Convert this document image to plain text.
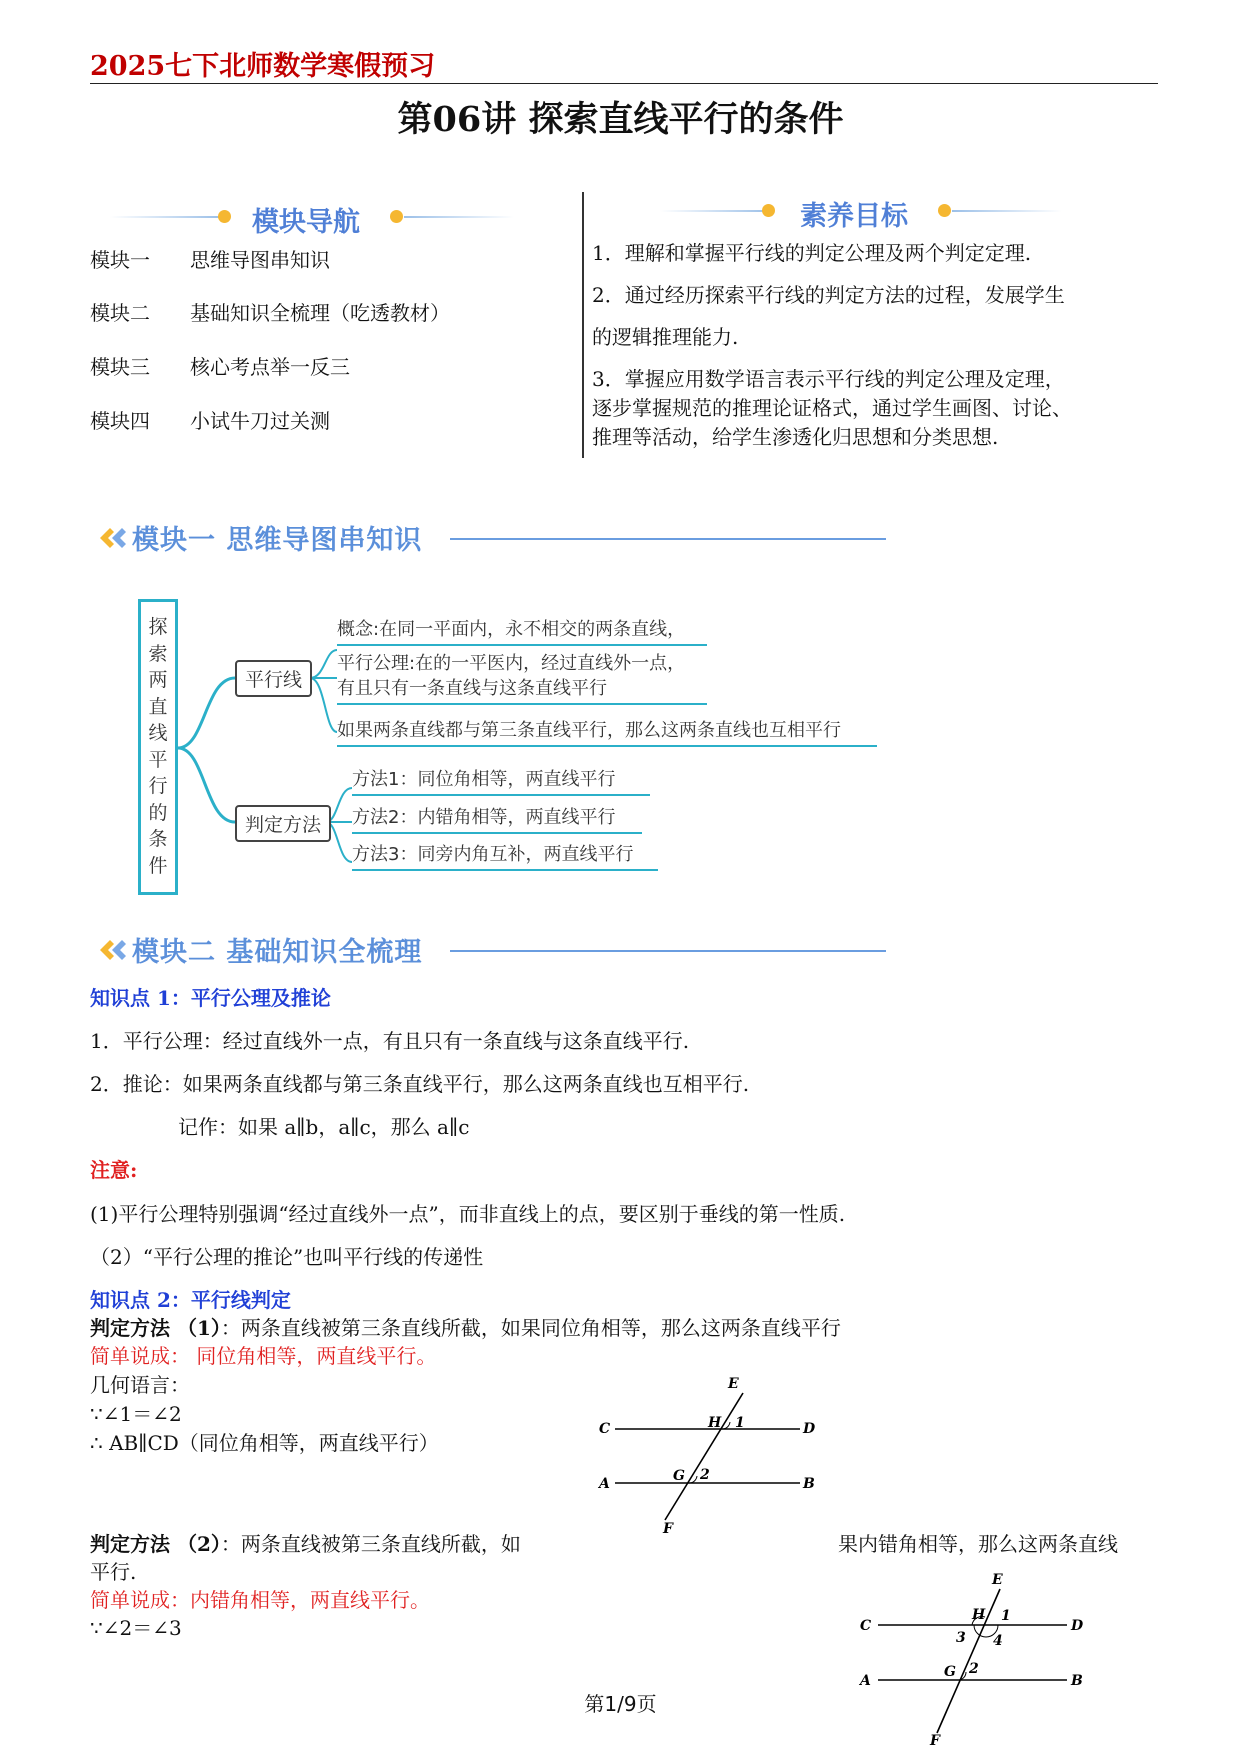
2025七下北师数学寒假预习
第06讲 探索直线平行的条件
模块导航
模块一 思维导图串知识
模块二 基础知识全梳理（吃透教材）
模块三 核心考点举一反三
模块四 小试牛刀过关测
素养目标
1．理解和掌握平行线的判定公理及两个判定定理.
2．通过经历探索平行线的判定方法的过程，发展学生
的逻辑推理能力.
3．掌握应用数学语言表示平行线的判定公理及定理，
逐步掌握规范的推理论证格式，通过学生画图、讨论、
推理等活动，给学生渗透化归思想和分类思想.
模块一 思维导图串知识
探
索
两
直
线
平
行
的
条
件
平行线
判定方法
概念:在同一平面内，永不相交的两条直线，
平行公理:在的一平医内，经过直线外一点，
有且只有一条直线与这条直线平行
如果两条直线都与第三条直线平行，那么这两条直线也互相平行
方法1：同位角相等，两直线平行
方法2：内错角相等，两直线平行
方法3：同旁内角互补，两直线平行
模块二 基础知识全梳理
知识点 1：平行公理及推论
1．平行公理：经过直线外一点，有且只有一条直线与这条直线平行.
2．推论：如果两条直线都与第三条直线平行，那么这两条直线也互相平行.
记作：如果 a∥b，a∥c，那么 a∥c
注意:
(1)平行公理特别强调“经过直线外一点”，而非直线上的点，要区别于垂线的第一性质.
（2）“平行公理的推论”也叫平行线的传递性
知识点 2：平行线判定
判定方法 （1）：两条直线被第三条直线所截，如果同位角相等，那么这两条直线平行
简单说成： 同位角相等，两直线平行。
几何语言：
∵∠1＝∠2
∴ AB∥CD（同位角相等，两直线平行）
E
C	H 1	D
G 2
A	B
F
判定方法 （2）：两条直线被第三条直线所截，如	果内错角相等，那么这两条直线
平行.
简单说成：内错角相等，两直线平行。
∵∠2＝∠3
E
C
H 1
3 4
D
G 2
A	B
F
第1/9页
